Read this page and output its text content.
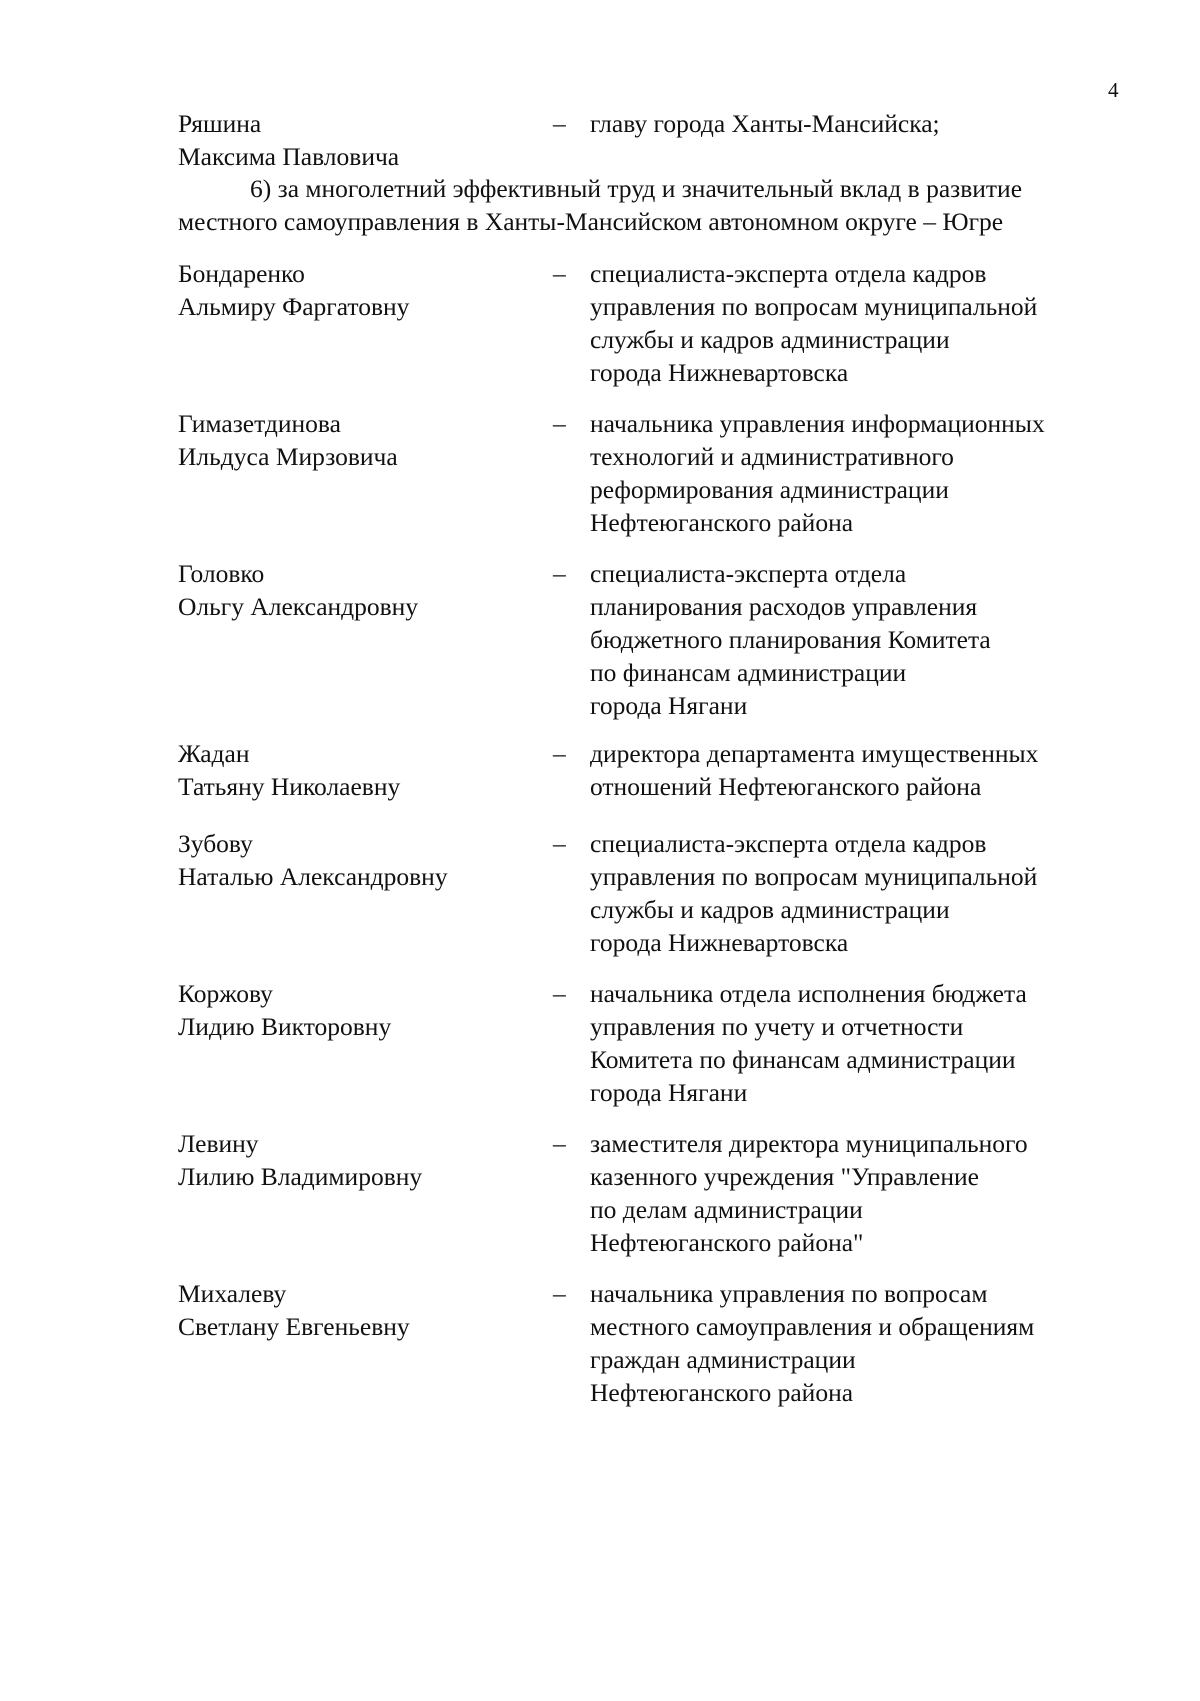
4
Ряшина
Максима Павловича
– главу города Ханты-Мансийска;
6) за многолетний эффективный труд и значительный вклад в развитие
местного самоуправления в Ханты-Мансийском автономном округе – Югре
Бондаренко
Альмиру Фаргатовну
– специалиста-эксперта отдела кадров
управления по вопросам муниципальной
службы и кадров администрации
города Нижневартовска
Гимазетдинова
Ильдуса Мирзовича
– начальника управления информационных
технологий и административного
реформирования администрации
Нефтеюганского района
Головко
Ольгу Александровну
– специалиста-эксперта отдела
планирования расходов управления
бюджетного планирования Комитета
по финансам администрации
города Нягани
Жадан
Татьяну Николаевну
– директора департамента имущественных
отношений Нефтеюганского района
Зубову
Наталью Александровну
– специалиста-эксперта отдела кадров
управления по вопросам муниципальной
службы и кадров администрации
города Нижневартовска
Коржову
Лидию Викторовну
– начальника отдела исполнения бюджета
управления по учету и отчетности
Комитета по финансам администрации
города Нягани
Левину
Лилию Владимировну
– заместителя директора муниципального
казенного учреждения "Управление
по делам администрации
Нефтеюганского района"
Михалеву
Светлану Евгеньевну
– начальника управления по вопросам
местного самоуправления и обращениям
граждан администрации
Нефтеюганского района
